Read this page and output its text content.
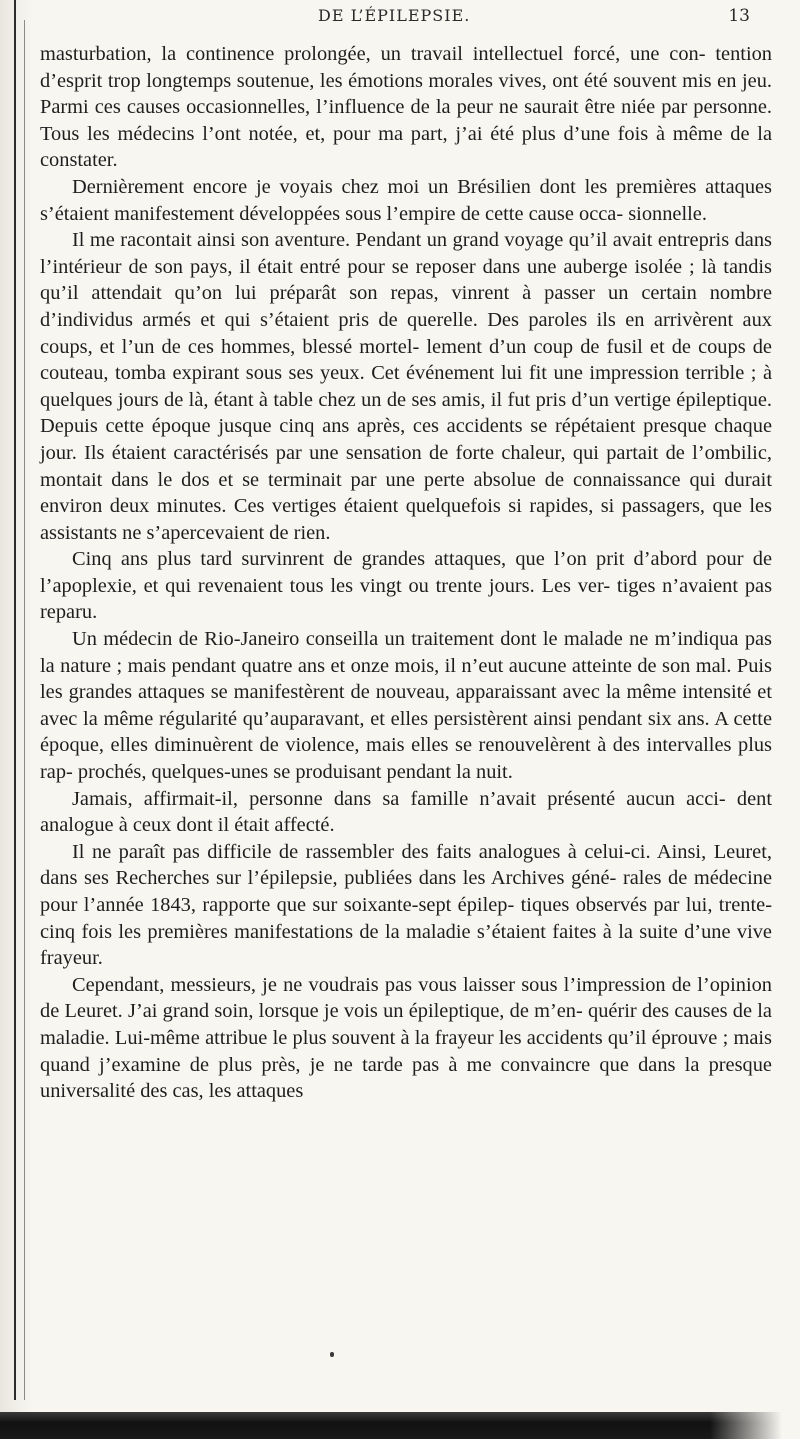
DE L’ÉPILEPSIE.	13

masturbation, la continence prolongée, un travail intellectuel forcé, une con- tention d’esprit trop longtemps soutenue, les émotions morales vives, ont été souvent mis en jeu. Parmi ces causes occasionnelles, l’influence de la peur ne saurait être niée par personne. Tous les médecins l’ont notée, et, pour ma part, j’ai été plus d’une fois à même de la constater.

Dernièrement encore je voyais chez moi un Brésilien dont les premières attaques s’étaient manifestement développées sous l’empire de cette cause occa- sionnelle.

Il me racontait ainsi son aventure. Pendant un grand voyage qu’il avait entrepris dans l’intérieur de son pays, il était entré pour se reposer dans une auberge isolée ; là tandis qu’il attendait qu’on lui préparât son repas, vinrent à passer un certain nombre d’individus armés et qui s’étaient pris de querelle. Des paroles ils en arrivèrent aux coups, et l’un de ces hommes, blessé mortel- lement d’un coup de fusil et de coups de couteau, tomba expirant sous ses yeux. Cet événement lui fit une impression terrible ; à quelques jours de là, étant à table chez un de ses amis, il fut pris d’un vertige épileptique. Depuis cette époque jusque cinq ans après, ces accidents se répétaient presque chaque jour. Ils étaient caractérisés par une sensation de forte chaleur, qui partait de l’ombilic, montait dans le dos et se terminait par une perte absolue de connaissance qui durait environ deux minutes. Ces vertiges étaient quelquefois si rapides, si passagers, que les assistants ne s’apercevaient de rien.

Cinq ans plus tard survinrent de grandes attaques, que l’on prit d’abord pour de l’apoplexie, et qui revenaient tous les vingt ou trente jours. Les ver- tiges n’avaient pas reparu.

Un médecin de Rio-Janeiro conseilla un traitement dont le malade ne m’indiqua pas la nature ; mais pendant quatre ans et onze mois, il n’eut aucune atteinte de son mal. Puis les grandes attaques se manifestèrent de nouveau, apparaissant avec la même intensité et avec la même régularité qu’auparavant, et elles persistèrent ainsi pendant six ans. A cette époque, elles diminuèrent de violence, mais elles se renouvelèrent à des intervalles plus rap- prochés, quelques-unes se produisant pendant la nuit.

Jamais, affirmait-il, personne dans sa famille n’avait présenté aucun acci- dent analogue à ceux dont il était affecté.

Il ne paraît pas difficile de rassembler des faits analogues à celui-ci. Ainsi, Leuret, dans ses Recherches sur l’épilepsie, publiées dans les Archives géné- rales de médecine pour l’année 1843, rapporte que sur soixante-sept épilep- tiques observés par lui, trente-cinq fois les premières manifestations de la maladie s’étaient faites à la suite d’une vive frayeur.

Cependant, messieurs, je ne voudrais pas vous laisser sous l’impression de l’opinion de Leuret. J’ai grand soin, lorsque je vois un épileptique, de m’en- quérir des causes de la maladie. Lui-même attribue le plus souvent à la frayeur les accidents qu’il éprouve ; mais quand j’examine de plus près, je ne tarde pas à me convaincre que dans la presque universalité des cas, les attaques
